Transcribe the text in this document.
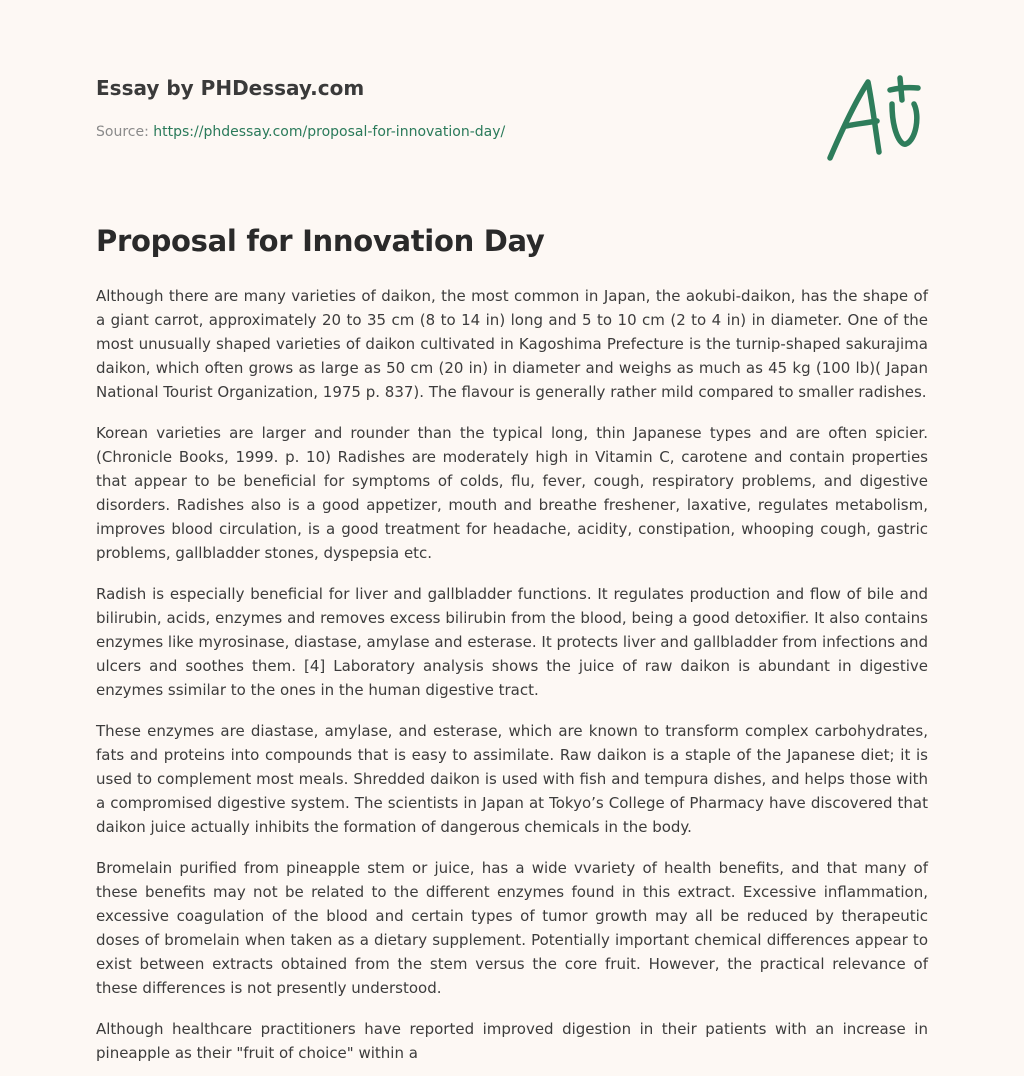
Essay by PHDessay.com

Source: https://phdessay.com/proposal-for-innovation-day/

Proposal for Innovation Day

Although there are many varieties of daikon, the most common in Japan, the aokubi-daikon, has the shape of a giant carrot, approximately 20 to 35 cm (8 to 14 in) long and 5 to 10 cm (2 to 4 in) in diameter. One of the most unusually shaped varieties of daikon cultivated in Kagoshima Prefecture is the turnip-shaped sakurajima daikon, which often grows as large as 50 cm (20 in) in diameter and weighs as much as 45 kg (100 lb)( Japan National Tourist Organization, 1975 p. 837). The flavour is generally rather mild compared to smaller radishes.

Korean varieties are larger and rounder than the typical long, thin Japanese types and are often spicier. (Chronicle Books, 1999. p. 10) Radishes are moderately high in Vitamin C, carotene and contain properties that appear to be beneficial for symptoms of colds, flu, fever, cough, respiratory problems, and digestive disorders. Radishes also is a good appetizer, mouth and breathe freshener, laxative, regulates metabolism, improves blood circulation, is a good treatment for headache, acidity, constipation, whooping cough, gastric problems, gallbladder stones, dyspepsia etc.

Radish is especially beneficial for liver and gallbladder functions. It regulates production and flow of bile and bilirubin, acids, enzymes and removes excess bilirubin from the blood, being a good detoxifier. It also contains enzymes like myrosinase, diastase, amylase and esterase. It protects liver and gallbladder from infections and ulcers and soothes them. [4] Laboratory analysis shows the juice of raw daikon is abundant in digestive enzymes ssimilar to the ones in the human digestive tract.

These enzymes are diastase, amylase, and esterase, which are known to transform complex carbohydrates, fats and proteins into compounds that is easy to assimilate. Raw daikon is a staple of the Japanese diet; it is used to complement most meals. Shredded daikon is used with fish and tempura dishes, and helps those with a compromised digestive system. The scientists in Japan at Tokyo’s College of Pharmacy have discovered that daikon juice actually inhibits the formation of dangerous chemicals in the body.

Bromelain purified from pineapple stem or juice, has a wide vvariety of health benefits, and that many of these benefits may not be related to the different enzymes found in this extract. Excessive inflammation, excessive coagulation of the blood and certain types of tumor growth may all be reduced by therapeutic doses of bromelain when taken as a dietary supplement. Potentially important chemical differences appear to exist between extracts obtained from the stem versus the core fruit. However, the practical relevance of these differences is not presently understood.

Although healthcare practitioners have reported improved digestion in their patients with an increase in pineapple as their "fruit of choice" within a
